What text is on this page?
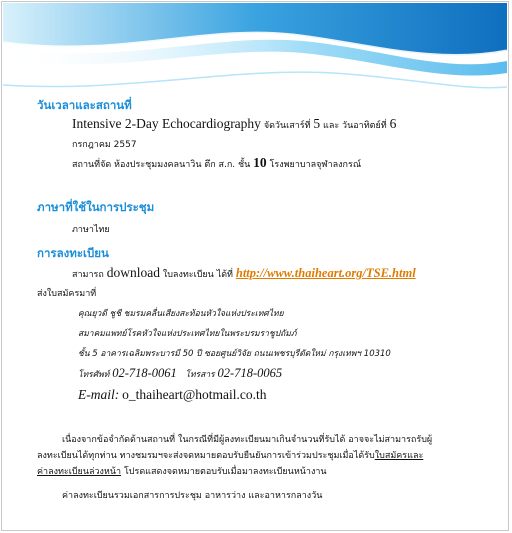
วันเวลาและสถานที่
Intensive 2-Day Echocardiography จัดวันเสาร์ที่ 5 และ วันอาทิตย์ที่ 6
กรกฎาคม 2557
สถานที่จัด ห้องประชุมมงคลนาวิน ตึก ส.ก. ชั้น 10 โรงพยาบาลจุฬาลงกรณ์
ภาษาที่ใช้ในการประชุม
ภาษาไทย
การลงทะเบียน
สามารถ download ใบลงทะเบียน ได้ที่ http://www.thaiheart.org/TSE.html
ส่งใบสมัครมาที่
คุณยุวดี ชูชี ชมรมคลื่นเสียงสะท้อนหัวใจแห่งประเทศไทย
สมาคมแพทย์โรคหัวใจแห่งประเทศไทยในพระบรมราชูปถัมภ์
ชั้น 5 อาคารเฉลิมพระบารมี 50 ปี ซอยศูนย์วิจัย ถนนเพชรบุรีตัดใหม่ กรุงเทพฯ 10310
โทรศัพท์ 02-718-0061 โทรสาร 02-718-0065
E-mail: o_thaiheart@hotmail.co.th
เนื่องจากข้อจำกัดด้านสถานที่ ในกรณีที่มีผู้ลงทะเบียนมาเกินจำนวนที่รับได้ อาจจะไม่สามารถรับผู้
ลงทะเบียนได้ทุกท่าน ทางชมรมฯจะส่งจดหมายตอบรับยืนยันการเข้าร่วมประชุมเมื่อได้รับใบสมัครและ
ค่าลงทะเบียนล่วงหน้า โปรดแสดงจดหมายตอบรับเมื่อมาลงทะเบียนหน้างาน
ค่าลงทะเบียนรวมเอกสารการประชุม อาหารว่าง และอาหารกลางวัน
